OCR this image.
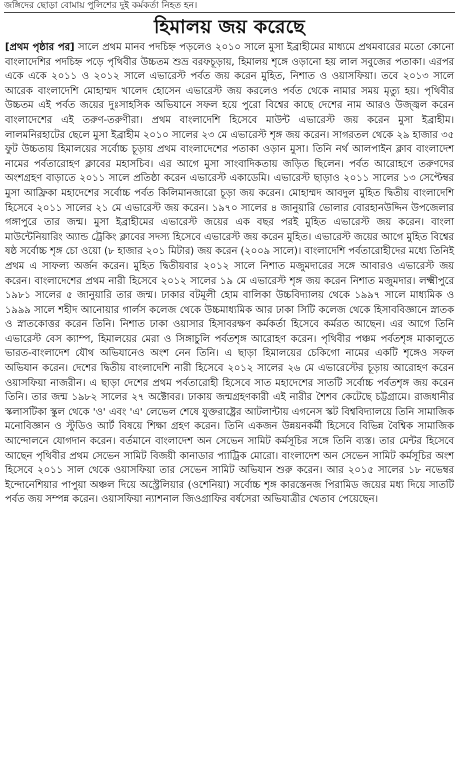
জঙ্গিদের ছোড়া বোমায় পুলিশের দুই কর্মকর্তা নিহত হন।
হিমালয় জয় করেছে

[প্রথম পৃষ্ঠার পর] সালে প্রথম মানব পদচিহ্ন পড়লেও ২০১০ সালে মুসা ইব্রাহীমের মাধ্যমে প্রথমবারের মতো কোনো বাংলাদেশির পদচিহ্ন পড়ে পৃথিবীর উচ্চতম শুভ্র বরফচূড়ায়, হিমালয় শৃঙ্গে ওড়ানো হয় লাল সবুজের পতাকা। এরপর একে একে ২০১১ ও ২০১২ সালে এভারেস্ট পর্বত জয় করেন মুহিত, নিশাত ও ওয়াসফিয়া। তবে ২০১৩ সালে আরেক বাংলাদেশি মোহাম্মদ খালেদ হোসেন এভারেস্ট জয় করলেও পর্বত থেকে নামার সময় মৃত্যু হয়। পৃথিবীর উচ্চতম এই পর্বত জয়ের দুঃসাহসিক অভিযানে সফল হয়ে পুরো বিশ্বের কাছে দেশের নাম আরও উজ্জ্বল করেন বাংলাদেশের এই তরুণ-তরুণীরা। প্রথম বাংলাদেশি হিসেবে মাউন্ট এভারেস্ট জয় করেন মুসা ইব্রাহীম। লালমনিরহাটের ছেলে মুসা ইব্রাহীম ২০১০ সালের ২৩ মে এভারেস্ট শৃঙ্গ জয় করেন। সাগরতল থেকে ২৯ হাজার ৩৫ ফুট উচ্চতায় হিমালয়ের সর্বোচ্চ চূড়ায় প্রথম বাংলাদেশের পতাকা ওড়ান মুসা। তিনি নর্থ আলপাইন ক্লাব বাংলাদেশ নামের পর্বতারোহণ ক্লাবের মহাসচিব। এর আগে মুসা সাংবাদিকতায় জড়িত ছিলেন। পর্বত আরোহণে তরুণদের অংশগ্রহণ বাড়াতে ২০১১ সালে প্রতিষ্ঠা করেন এভারেস্ট একাডেমি। এভারেস্ট ছাড়াও ২০১১ সালের ১৩ সেপ্টেম্বর মুসা আফ্রিকা মহাদেশের সর্বোচ্চ পর্বত কিলিমানজারো চূড়া জয় করেন। মোহাম্মদ আবদুল মুহিত দ্বিতীয় বাংলাদেশি হিসেবে ২০১১ সালের ২১ মে এভারেস্ট জয় করেন। ১৯৭০ সালের ৪ জানুয়ারি ভোলার বোরহানউদ্দিন উপজেলার গঙ্গাপুরে তার জন্ম। মুসা ইব্রাহীমের এভারেস্ট জয়ের এক বছর পরই মুহিত এভারেস্ট জয় করেন। বাংলা মাউন্টেনিয়ারিং অ্যান্ড ট্রেকিং ক্লাবের সদস্য হিসেবে এভারেস্ট জয় করেন মুহিত। এভারেস্ট জয়ের আগে মুহিত বিশ্বের ষষ্ঠ সর্বোচ্চ শৃঙ্গ চো ওয়ো (৮ হাজার ২০১ মিটার) জয় করেন (২০০৯ সালে)। বাংলাদেশি পর্বতারোহীদের মধ্যে তিনিই প্রথম এ সাফল্য অর্জন করেন। মুহিত দ্বিতীয়বার ২০১২ সালে নিশাত মজুমদারের সঙ্গে আবারও এভারেস্ট জয় করেন। বাংলাদেশের প্রথম নারী হিসেবে ২০১২ সালের ১৯ মে এভারেস্ট শৃঙ্গ জয় করেন নিশাত মজুমদার। লক্ষ্মীপুরে ১৯৮১ সালের ৫ জানুয়ারি তার জন্ম। ঢাকার বটমূলী হোম বালিকা উচ্চবিদ্যালয় থেকে ১৯৯৭ সালে মাধ্যমিক ও ১৯৯৯ সালে শহীদ আনোয়ার গার্লস কলেজ থেকে উচ্চমাধ্যমিক আর ঢাকা সিটি কলেজ থেকে হিসাববিজ্ঞানে স্নাতক ও স্নাতকোত্তর করেন তিনি। নিশাত ঢাকা ওয়াসার হিসাবরক্ষণ কর্মকর্তা হিসেবে কর্মরত আছেন। এর আগে তিনি এভারেস্ট বেস ক্যাম্প, হিমালয়ের মেরা ও সিঙ্গাচুলি পর্বতশৃঙ্গ আরোহণ করেন। পৃথিবীর পঞ্চম পর্বতশৃঙ্গ মাকালুতে ভারত-বাংলাদেশ যৌথ অভিযানেও অংশ নেন তিনি। এ ছাড়া হিমালয়ের চেকিগো নামের একটি শৃঙ্গেও সফল অভিযান করেন। দেশের দ্বিতীয় বাংলাদেশি নারী হিসেবে ২০১২ সালের ২৬ মে এভারেস্টের চূড়ায় আরোহণ করেন ওয়াসফিয়া নাজরীন। এ ছাড়া দেশের প্রথম পর্বতারোহী হিসেবে সাত মহাদেশের সাতটি সর্বোচ্চ পর্বতশৃঙ্গ জয় করেন তিনি। তার জন্ম ১৯৮২ সালের ২৭ অক্টোবর। ঢাকায় জন্মগ্রহণকারী এই নারীর শৈশব কেটেছে চট্টগ্রামে। রাজধানীর স্কলাসটিকা স্কুল থেকে 'ও' এবং 'এ' লেভেল শেষে যুক্তরাষ্ট্রের আটলান্টায় এগনেস স্কট বিশ্ববিদ্যালয়ে তিনি সামাজিক মনোবিজ্ঞান ও স্টুডিও আর্ট বিষয়ে শিক্ষা গ্রহণ করেন। তিনি একজন উন্নয়নকর্মী হিসেবে বিভিন্ন বৈশ্বিক সামাজিক আন্দোলনে যোগদান করেন। বর্তমানে বাংলাদেশ অন সেভেন সামিট কর্মসূচির সঙ্গে তিনি ব্যস্ত। তার মেন্টর হিসেবে আছেন পৃথিবীর প্রথম সেভেন সামিট বিজয়ী কানাডার প্যাট্রিক মোরো। বাংলাদেশ অন সেভেন সামিট কর্মসূচির অংশ হিসেবে ২০১১ সাল থেকে ওয়াসফিয়া তার সেভেন সামিট অভিযান শুরু করেন। আর ২০১৫ সালের ১৮ নভেম্বর ইন্দোনেশিয়ার পাপুয়া অঞ্চল দিয়ে অস্ট্রেলিয়ার (ওশেনিয়া) সর্বোচ্চ শৃঙ্গ কারস্তেনজ পিরামিড জয়ের মধ্য দিয়ে সাতটি পর্বত জয় সম্পন্ন করেন। ওয়াসফিয়া ন্যাশনাল জিওগ্রাফির বর্ষসেরা অভিযাত্রীর খেতাব পেয়েছেন।
